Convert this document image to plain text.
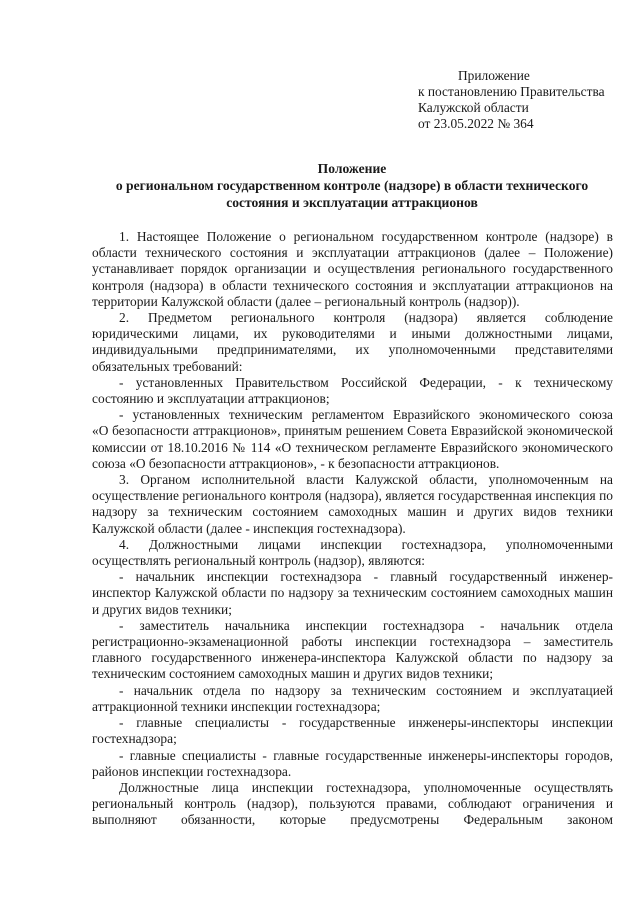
Приложение
к постановлению Правительства
Калужской области
от 23.05.2022 № 364
Положение
о региональном государственном контроле (надзоре) в области технического
состояния и эксплуатации аттракционов
1. Настоящее Положение о региональном государственном контроле (надзоре) в
области технического состояния и эксплуатации аттракционов (далее – Положение)
устанавливает порядок организации и осуществления регионального государственного
контроля (надзора) в области технического состояния и эксплуатации аттракционов на
территории Калужской области (далее – региональный контроль (надзор)).
2. Предметом регионального контроля (надзора) является соблюдение
юридическими лицами, их руководителями и иными должностными лицами,
индивидуальными предпринимателями, их уполномоченными представителями
обязательных требований:
- установленных Правительством Российской Федерации, - к техническому
состоянию и эксплуатации аттракционов;
- установленных техническим регламентом Евразийского экономического союза
«О безопасности аттракционов», принятым решением Совета Евразийской экономической
комиссии от 18.10.2016 № 114 «О техническом регламенте Евразийского экономического
союза «О безопасности аттракционов», - к безопасности аттракционов.
3. Органом исполнительной власти Калужской области, уполномоченным на
осуществление регионального контроля (надзора), является государственная инспекция по
надзору за техническим состоянием самоходных машин и других видов техники
Калужской области (далее - инспекция гостехнадзора).
4. Должностными лицами инспекции гостехнадзора, уполномоченными
осуществлять региональный контроль (надзор), являются:
- начальник инспекции гостехнадзора - главный государственный инженер-
инспектор Калужской области по надзору за техническим состоянием самоходных машин
и других видов техники;
- заместитель начальника инспекции гостехнадзора - начальник отдела
регистрационно-экзаменационной работы инспекции гостехнадзора – заместитель
главного государственного инженера-инспектора Калужской области по надзору за
техническим состоянием самоходных машин и других видов техники;
- начальник отдела по надзору за техническим состоянием и эксплуатацией
аттракционной техники инспекции гостехнадзора;
- главные специалисты - государственные инженеры-инспекторы инспекции
гостехнадзора;
- главные специалисты - главные государственные инженеры-инспекторы городов,
районов инспекции гостехнадзора.
Должностные лица инспекции гостехнадзора, уполномоченные осуществлять
региональный контроль (надзор), пользуются правами, соблюдают ограничения и
выполняют обязанности, которые предусмотрены Федеральным законом
